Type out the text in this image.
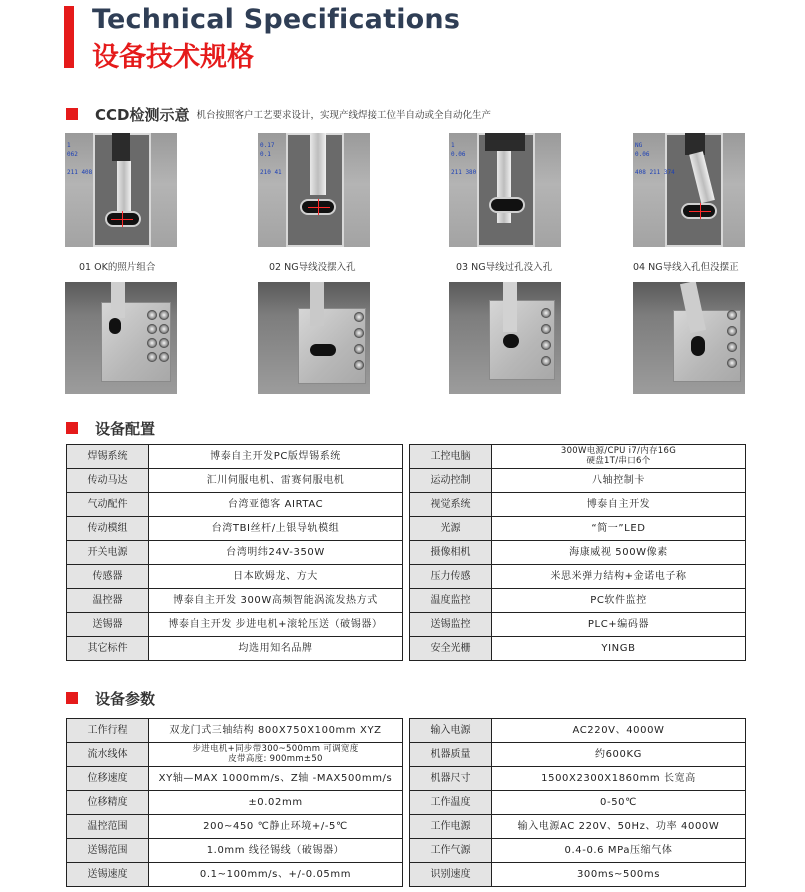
Technical Specifications
设备技术规格
CCD检测示意 机台按照客户工艺要求设计，实现产线焊接工位半自动或全自动化生产
1
062

211 408
0.17
0.1

210 41
1
0.06

211 380
NG
0.06

408 211 374
01 OK的照片组合	02 NG导线没摆入孔	03 NG导线过孔没入孔	04 NG导线入孔但没摆正
设备配置
焊锡系统	博泰自主开发PC版焊锡系统
传动马达	汇川伺服电机、雷赛伺服电机
气动配件	台湾亚德客 AIRTAC
传动模组	台湾TBI丝杆/上银导轨模组
开关电源	台湾明纬24V-350W
传感器	日本欧姆龙、方大
温控器	博泰自主开发 300W高频智能涡流发热方式
送锡器	博泰自主开发 步进电机+滚轮压送（破锡器）
其它标件	均选用知名品牌
工控电脑	300W电源/CPU i7/内存16G
硬盘1T/串口6个

运动控制	八轴控制卡
视觉系统	博泰自主开发
光源	“简一”LED
摄像相机	海康威视 500W像素
压力传感	米思米弹力结构+金诺电子称
温度监控	PC软件监控
送锡监控	PLC+编码器
安全光栅	YINGB
设备参数
工作行程	双龙门式三轴结构 800X750X100mm XYZ
流水线体	步进电机+同步带300~500mm 可调宽度
皮带高度: 900mm±50

位移速度	XY轴—MAX 1000mm/s、Z轴 -MAX500mm/s
位移精度	±0.02mm
温控范围	200~450 ℃静止环境+/-5℃
送锡范围	1.0mm 线径锡线（破锡器）
送锡速度	0.1~100mm/s、+/-0.05mm
输入电源	AC220V、4000W
机器质量	约600KG
机器尺寸	1500X2300X1860mm 长宽高
工作温度	0-50℃
工作电源	输入电源AC 220V、50Hz、功率 4000W
工作气源	0.4-0.6 MPa压缩气体
识别速度	300ms~500ms
